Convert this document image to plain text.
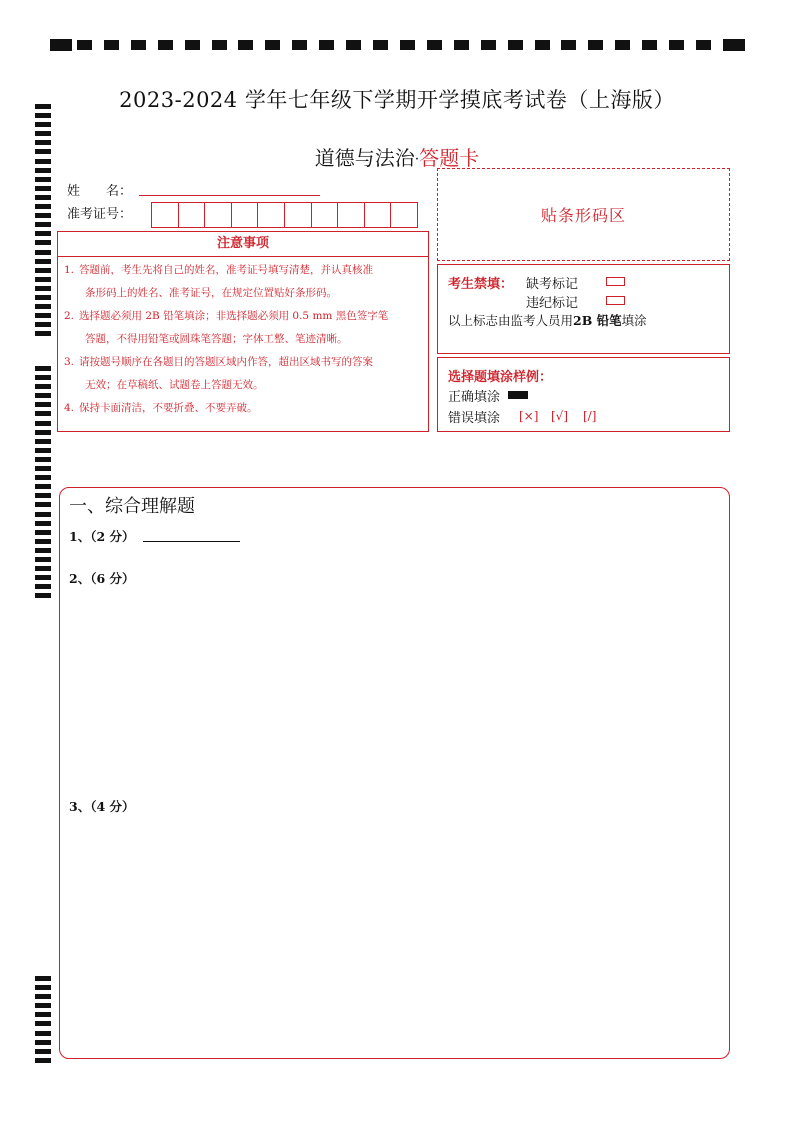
2023-2024 学年七年级下学期开学摸底考试卷（上海版）
道德与法治·答题卡
姓　　名：
准考证号：	贴条形码区
注意事项
1. 答题前，考生先将自己的姓名，准考证号填写清楚，并认真核准
条形码上的姓名、准考证号，在规定位置贴好条形码。
2. 选择题必须用 2B 铅笔填涂；非选择题必须用 0.5 mm 黑色签字笔
答题，不得用铅笔或圆珠笔答题；字体工整、笔迹清晰。
3. 请按题号顺序在各题目的答题区域内作答，超出区域书写的答案
无效；在草稿纸、试题卷上答题无效。
4. 保持卡面清洁，不要折叠、不要弄破。
考生禁填： 缺考标记
违纪标记
以上标志由监考人员用2B 铅笔填涂
选择题填涂样例：
正确填涂
错误填涂 [×] [√] [/]
一、综合理解题
1、（2 分）
2、（6 分）
3、（4 分）
